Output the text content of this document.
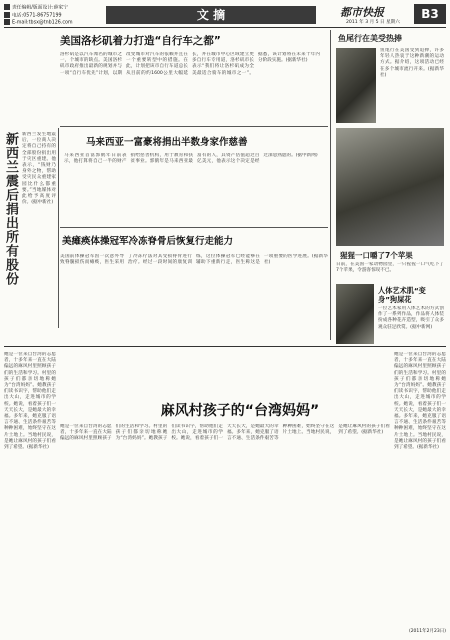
责任编辑/版面设计:薛家宁
电话:0571-86757199
E-mail:tbsx@tnb126.com
文 摘	都市快报	B3
2011 年 3 月 5 日 星期六
美国洛杉矶着力打造“自行车之都”
洛杉矶是以汽车闻名的城市之一，个城市的缺点。美国洛杉矶市政府推出最新的规划并与一项“自行车优先”计划，以期改变城市对汽车的依赖并且在一个重要转型中的措施。在此，计划把该市自行车道总长从目前的约1600公里大幅延长，并在城市中心区域建立更多自行车专用道，洛杉矶市长表示“我们将让洛杉矶成为全美最适合骑车的城市之一”。据悉，该计划将在未来十年内分阶段实施。(据新华社)
鱼尾行在美受热捧
鱼尾行在美国受到追捧，许多年轻人热衷于这种新潮的运动方式。据介绍，这项活动已经在多个城市流行开来。(据新华社)
新西兰震后捐出所有股份 新西兰发生地震后，一位商人决定将自己持有的全部股份捐出用于灾区重建。他表示，“钱财乃身外之物，帮助受灾民众重建家园比什么都重要。”当地媒体对此给予高度评价。(据中新社)
马来西亚一富豪将捐出半数身家作慈善
马来西亚首富郭鹤年日前表示，他打算将自己一半的财产捐给慈善机构，用于教育和扶贫事业。郭鹤年是马来西亚最富有的人，其资产估值超过百亿美元，他表示这个决定是经过深思熟虑的。(据中新网)
美瘫痪体操冠军冷冻脊骨后恢复行走能力
美国前体操冠军因一次意外导致脊髓损伤而瘫痪，医生采用了冷冻疗法对其受损脊骨进行治疗。经过一段时间的康复训练，这位体操冠军已经能够在辅助下重新行走，医生称这是一项重要的医学进展。(据新华社)
猩猩一口嚼了7个苹果
日前，在美国一家动物园里，一只猩猩一口气吃下了7个苹果，令游客惊叹不已。
人体艺术肌“变身”狗屎花
一位艺术家用人体艺术的方式创作了一系列作品，作品将人体装扮成各种花卉造型，吸引了众多观众驻足欣赏。(据中新网)
她是一位来自台湾的志愿者，十多年来一直在大陆偏远的麻风村里照顾孩子们的生活和学习。村里的孩子们都亲切地称她为“台湾妈妈”。她教孩子们读书识字，帮助他们走出大山，走进城市的学校。她说，看着孩子们一天天长大，是她最大的幸福。多年来，她克服了语言不通、生活条件艰苦等种种困难，始终坚守在这片土地上。当地村民说，是她让麻风村的孩子们看到了希望。(据新华社)
麻风村孩子的“台湾妈妈”
她是一位来自台湾的志愿者，十多年来一直在大陆偏远的麻风村里照顾孩子们的生活和学习。村里的孩子们都亲切地称她为“台湾妈妈”。她教孩子们读书识字，帮助他们走出大山，走进城市的学校。她说，看着孩子们一天天长大，是她最大的幸福。多年来，她克服了语言不通、生活条件艰苦等种种困难，始终坚守在这片土地上。当地村民说，是她让麻风村的孩子们看到了希望。(据新华社)
她是一位来自台湾的志愿者，十多年来一直在大陆偏远的麻风村里照顾孩子们的生活和学习。村里的孩子们都亲切地称她为“台湾妈妈”。她教孩子们读书识字，帮助他们走出大山，走进城市的学校。她说，看着孩子们一天天长大，是她最大的幸福。多年来，她克服了语言不通、生活条件艰苦等种种困难，始终坚守在这片土地上。当地村民说，是她让麻风村的孩子们看到了希望。(据新华社)
(2011年2月23日)
